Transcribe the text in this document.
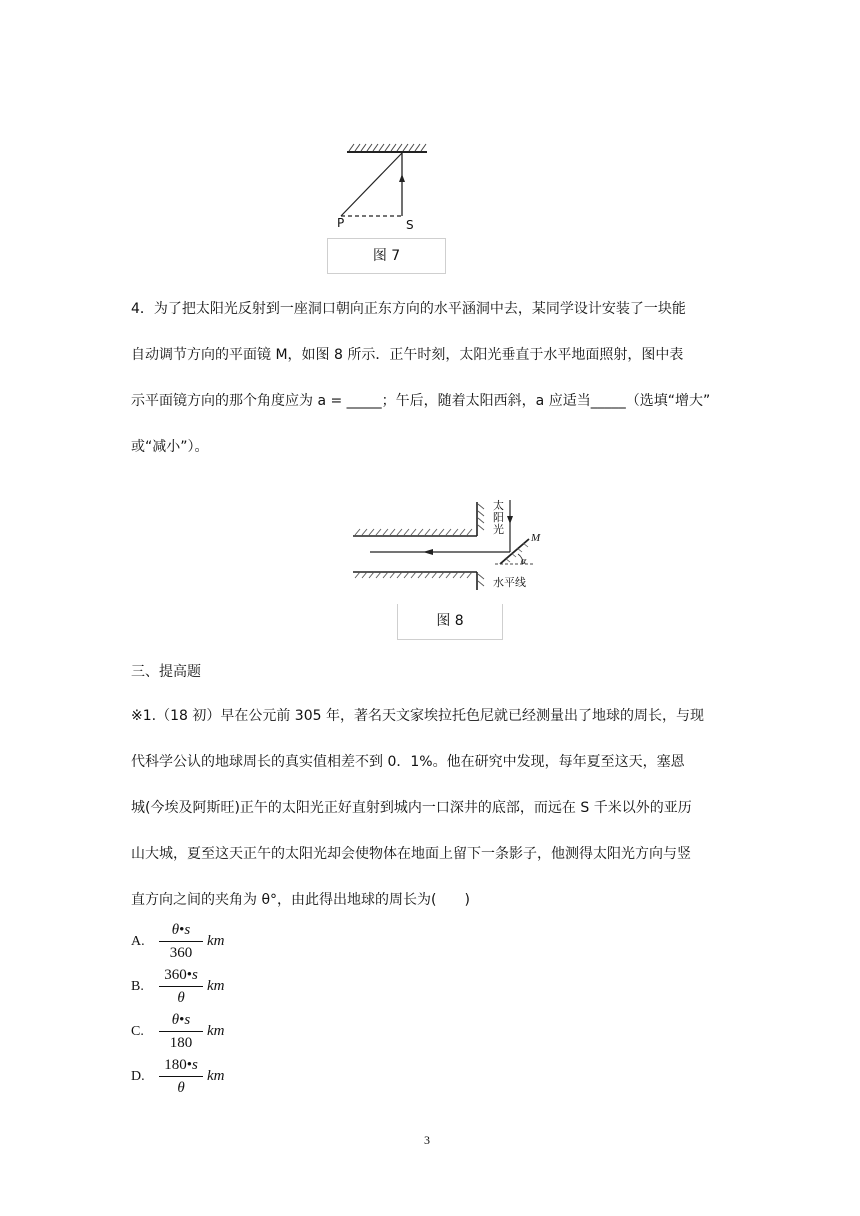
P	S
图 7

4．为了把太阳光反射到一座洞口朝向正东方向的水平涵洞中去，某同学设计安装了一块能

自动调节方向的平面镜 M，如图 8 所示．正午时刻，太阳光垂直于水平地面照射，图中表

示平面镜方向的那个角度应为 a = _____；午后，随着太阳西斜，a 应适当_____（选填“增大”

或“减小”）。

太阳光
M
α
水平线
图 8
三、提高题

※1.（18 初）早在公元前 305 年，著名天文家埃拉托色尼就已经测量出了地球的周长，与现

代科学公认的地球周长的真实值相差不到 0．1%。他在研究中发现，每年夏至这天，塞恩

城(今埃及阿斯旺)正午的太阳光正好直射到城内一口深井的底部，而远在 S 千米以外的亚历

山大城，夏至这天正午的太阳光却会使物体在地面上留下一条影子，他测得太阳光方向与竖

直方向之间的夹角为 θ°，由此得出地球的周长为(　　)

A.
θ•s
360
km
B.
360•s
θ
km
C.
θ•s
180
km
D.
180•s
θ
km
3
